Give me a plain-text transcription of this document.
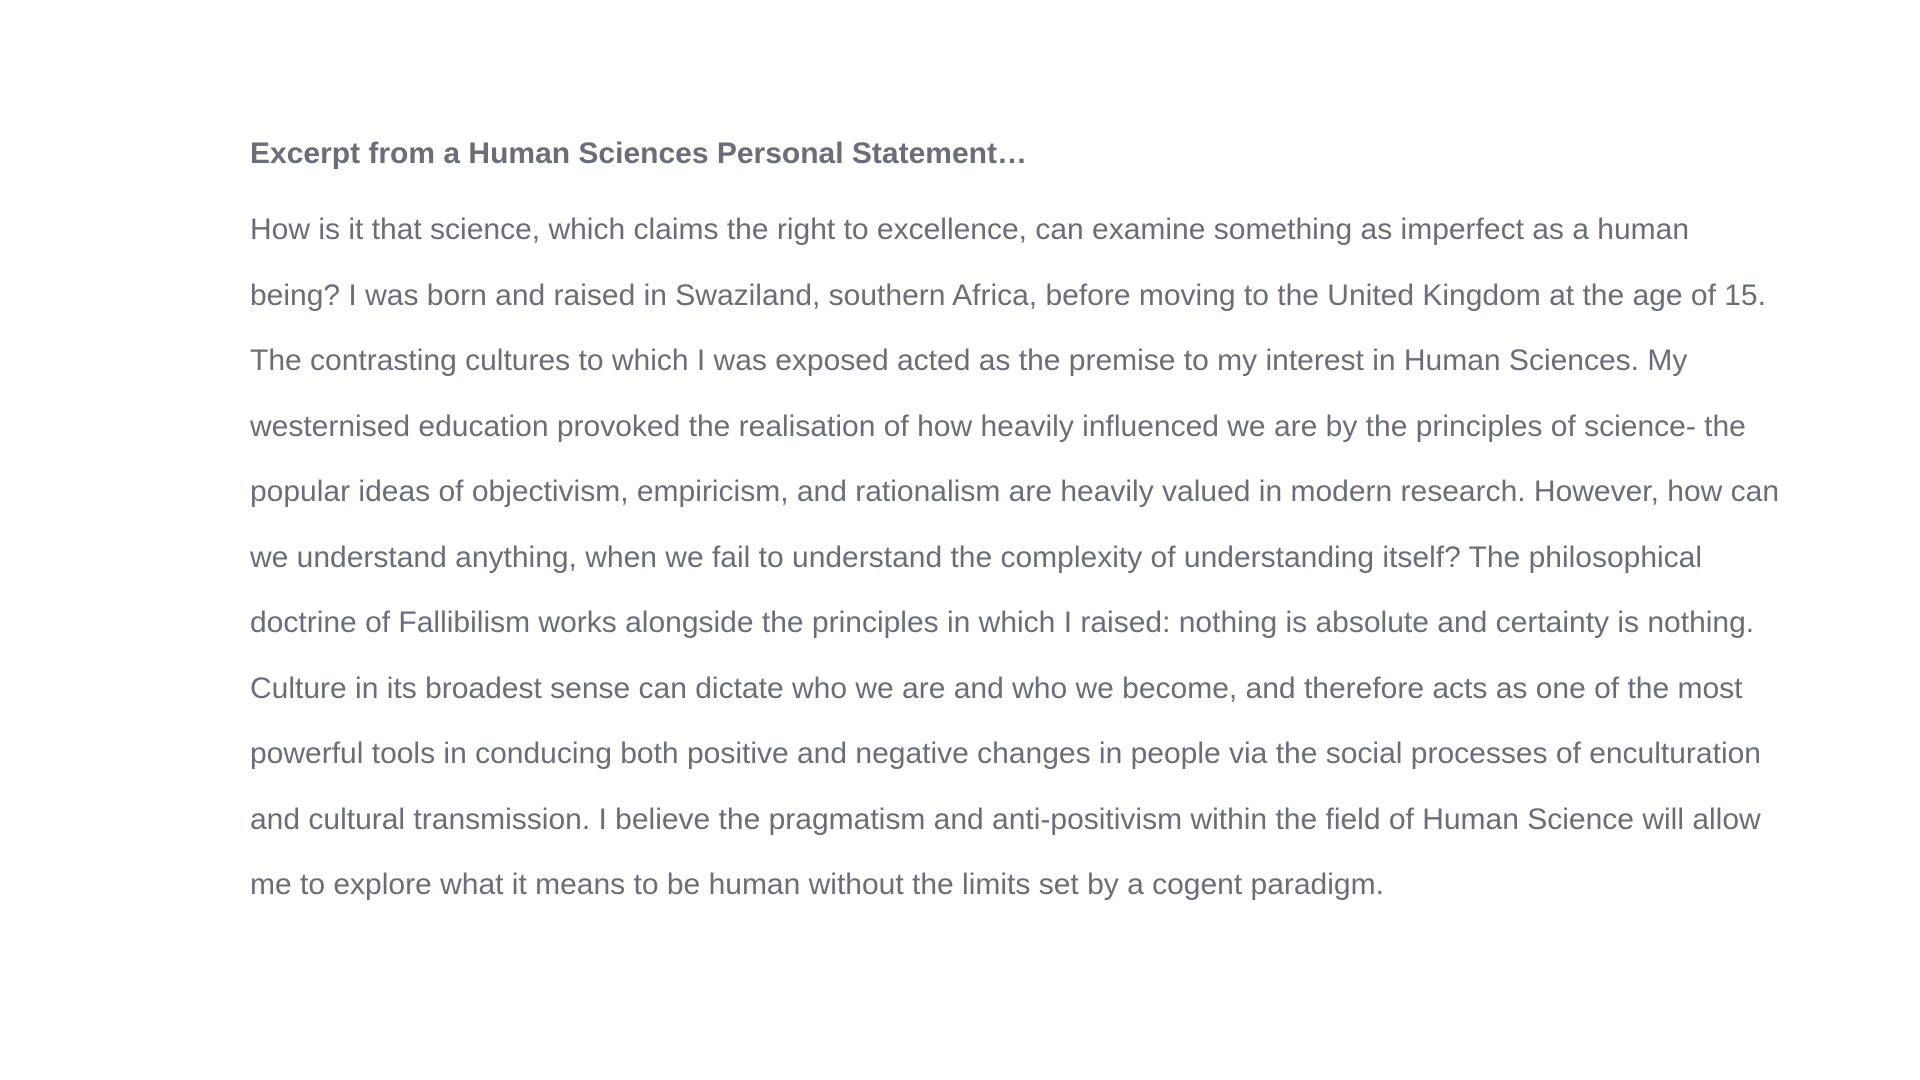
Excerpt from a Human Sciences Personal Statement…

How is it that science, which claims the right to excellence, can examine something as imperfect as a human being? I was born and raised in Swaziland, southern Africa, before moving to the United Kingdom at the age of 15. The contrasting cultures to which I was exposed acted as the premise to my interest in Human Sciences. My westernised education provoked the realisation of how heavily influenced we are by the principles of science- the popular ideas of objectivism, empiricism, and rationalism are heavily valued in modern research. However, how can we understand anything, when we fail to understand the complexity of understanding itself? The philosophical doctrine of Fallibilism works alongside the principles in which I raised: nothing is absolute and certainty is nothing. Culture in its broadest sense can dictate who we are and who we become, and therefore acts as one of the most powerful tools in conducing both positive and negative changes in people via the social processes of enculturation and cultural transmission. I believe the pragmatism and anti-positivism within the field of Human Science will allow me to explore what it means to be human without the limits set by a cogent paradigm.
